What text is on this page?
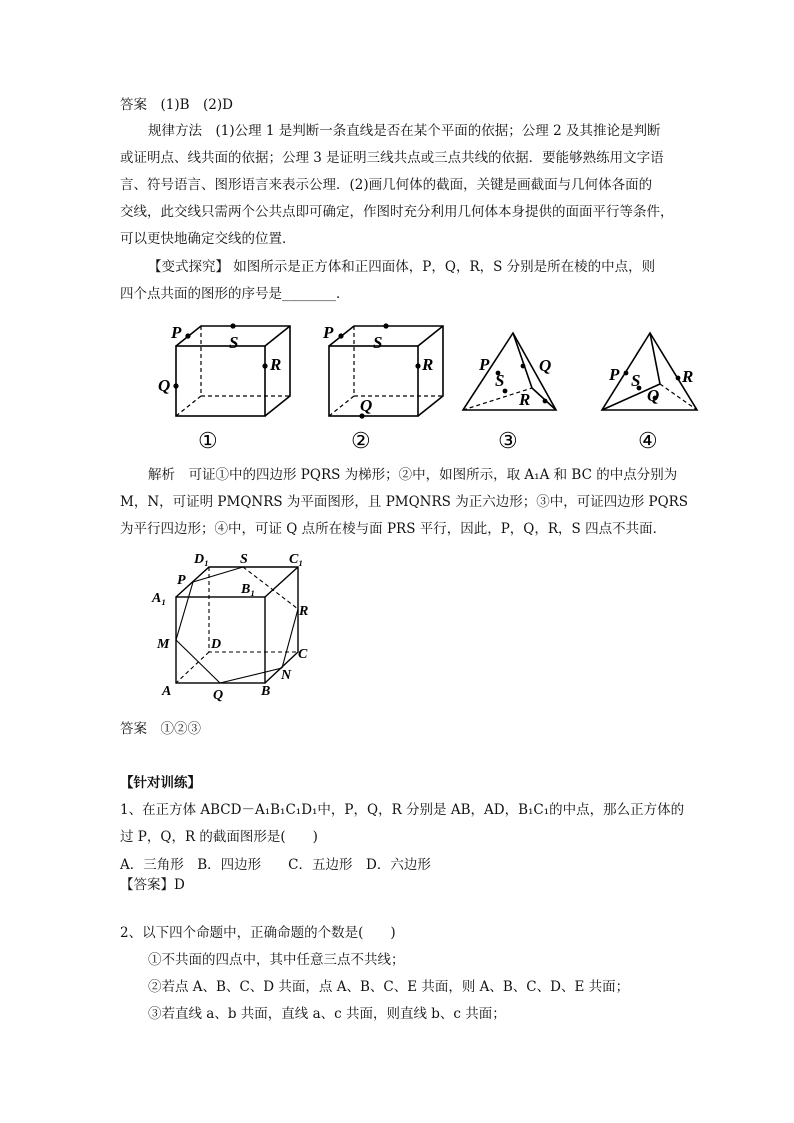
答案　(1)B　(2)D
规律方法　(1)公理 1 是判断一条直线是否在某个平面的依据；公理 2 及其推论是判断
或证明点、线共面的依据；公理 3 是证明三线共点或三点共线的依据．要能够熟练用文字语
言、符号语言、图形语言来表示公理．(2)画几何体的截面，关键是画截面与几何体各面的
交线，此交线只需两个公共点即可确定，作图时充分利用几何体本身提供的面面平行等条件，
可以更快地确定交线的位置．
【变式探究】 如图所示是正方体和正四面体，P，Q，R，S 分别是所在棱的中点，则
四个点共面的图形的序号是________．
P
S
R
Q
P
S
R
Q
P	Q
S
R
P S R
Q
①	②	③	④
解析　可证①中的四边形 PQRS 为梯形；②中，如图所示，取 A₁A 和 BC 的中点分别为
M，N，可证明 PMQNRS 为平面图形，且 PMQNRS 为正六边形；③中，可证四边形 PQRS
为平行四边形；④中，可证 Q 点所在棱与面 PRS 平行，因此，P，Q，R，S 四点不共面．
D₁ S	C₁
P
A₁
B₁
R
M	D
C
N
A	Q	B
答案　①②③
【针对训练】
1、在正方体 ABCD－A₁B₁C₁D₁中，P，Q，R 分别是 AB，AD，B₁C₁的中点，那么正方体的
过 P，Q，R 的截面图形是(　　)
A．三角形　B．四边形　　C．五边形　D．六边形
【答案】D
2、以下四个命题中，正确命题的个数是(　　)
①不共面的四点中，其中任意三点不共线；
②若点 A、B、C、D 共面，点 A、B、C、E 共面，则 A、B、C、D、E 共面；
③若直线 a、b 共面，直线 a、c 共面，则直线 b、c 共面；
